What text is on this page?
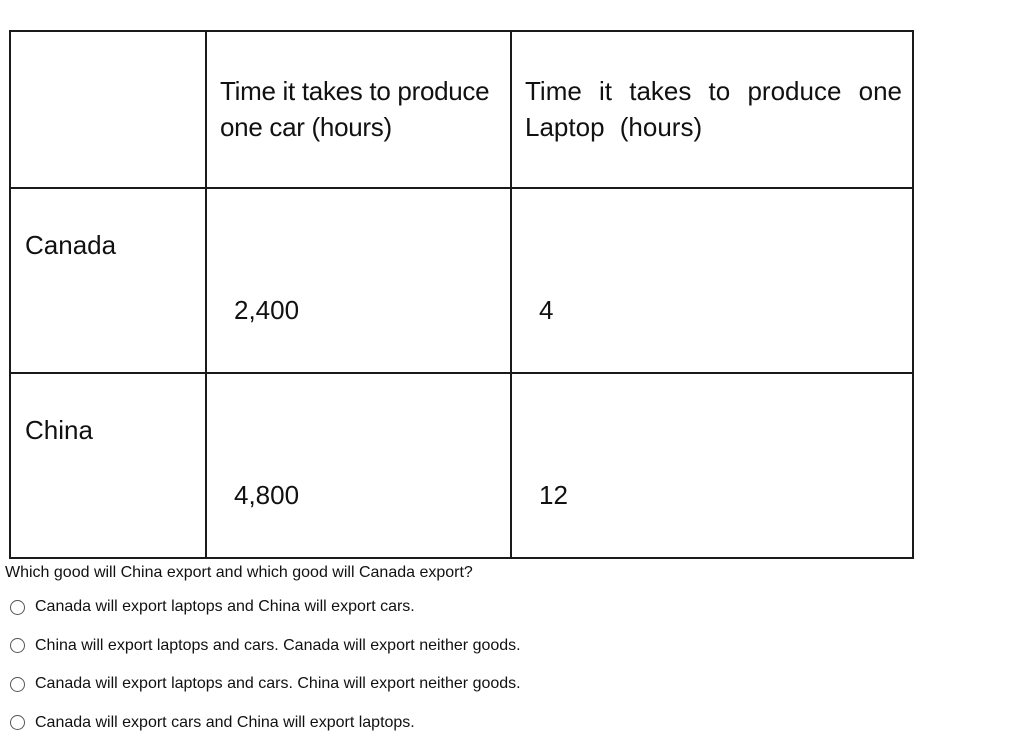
	Time it takes to produce one car (hours)	Time it takes to produce one Laptop (hours)

Canada	2,400	4

China	4,800	12
Which good will China export and which good will Canada export?
Canada will export laptops and China will export cars.
China will export laptops and cars. Canada will export neither goods.
Canada will export laptops and cars. China will export neither goods.
Canada will export cars and China will export laptops.
